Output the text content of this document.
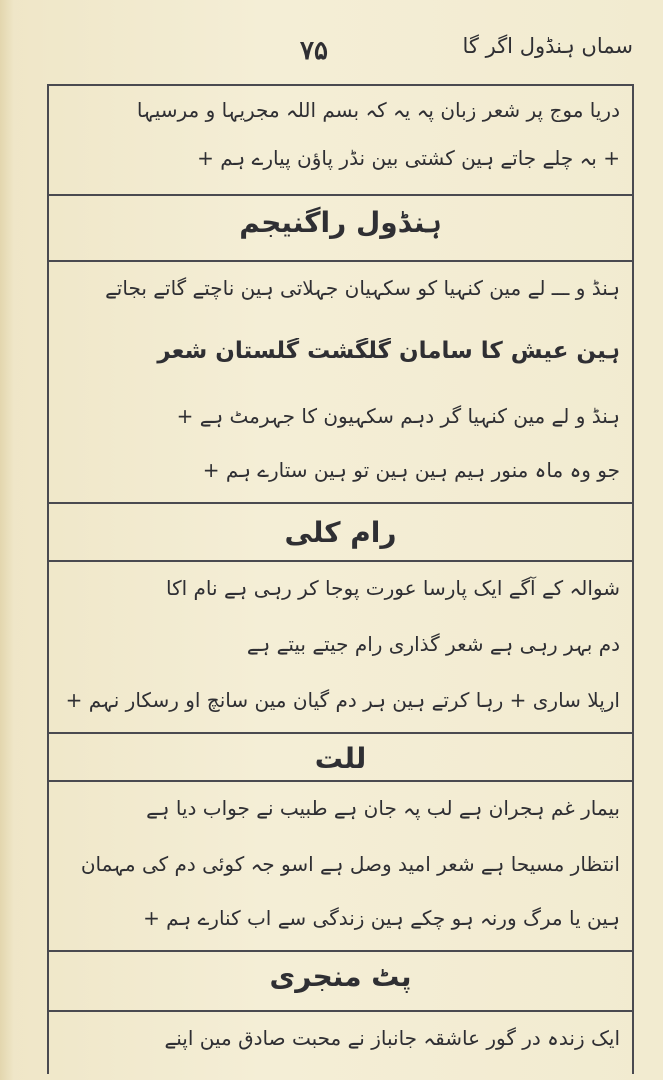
سماں ہنڈول اگر گا
۷۵
دریا موج پر شعر زبان پہ یہ کہ بسم اللہ مجریہا و مرسیہا
+ بہ چلے جاتے ہین کشتی بین نڈر پاؤن پیارے ہم +
ہنڈول راگنیجم
ہنڈ و ـــ لے مین کنہیا کو سکہیان جہلاتی ہین ناچتے گاتے بجاتے
ہین عیش کا سامان گلگشت گلستان شعر
ہنڈ و لے مین کنہیا گر دہم سکہیون کا جہرمٹ ہے +
جو وہ ماہ منور ہیم ہین ہین تو ہین ستارے ہم +
رام کلی
شوالہ کے آگے ایک پارسا عورت پوجا کر رہی ہے نام اکا
دم بہر رہی ہے شعر گذاری رام جیتے بیتے ہے
ارپلا ساری + رہا کرتے ہین ہر دم گیان مین سانچ او رسکار نہم +
للت
بیمار غم ہجران ہے لب پہ جان ہے طبیب نے جواب دیا ہے
انتظار مسیحا ہے شعر امید وصل ہے اسو جہ کوئی دم کی مہمان
ہین یا مرگ ورنہ ہو چکے ہین زندگی سے اب کنارے ہم +
پٹ منجری
ایک زندہ در گور عاشقہ جانباز نے محبت صادق مین اپنے
